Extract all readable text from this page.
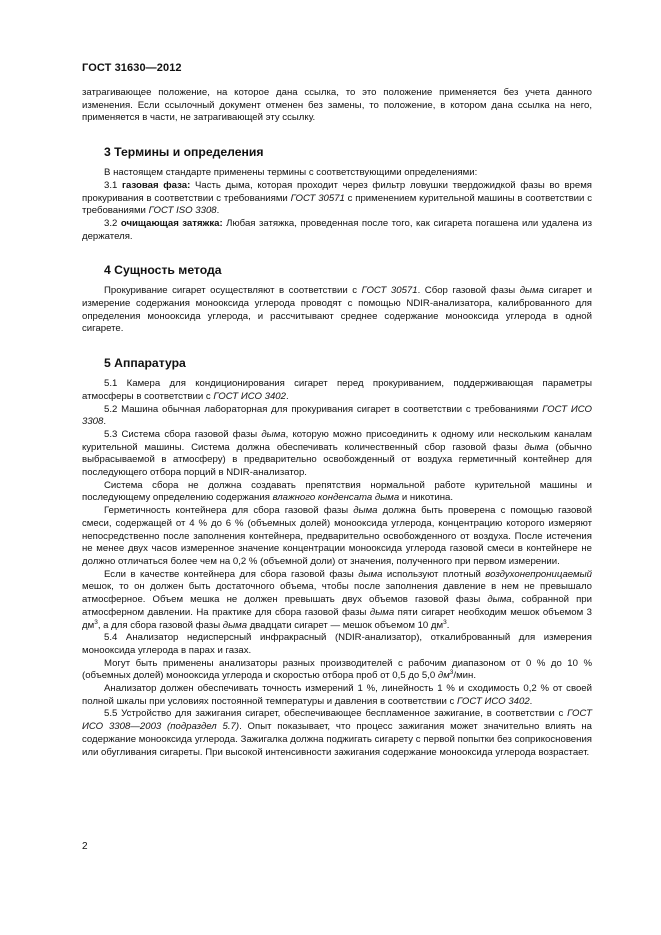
ГОСТ 31630—2012

затрагивающее положение, на которое дана ссылка, то это положение применяется без учета данного изменения. Если ссылочный документ отменен без замены, то положение, в котором дана ссылка на него, применяется в части, не затрагивающей эту ссылку.

3 Термины и определения

В настоящем стандарте применены термины с соответствующими определениями:

3.1 газовая фаза: Часть дыма, которая проходит через фильтр ловушки твердожидкой фазы во время прокуривания в соответствии с требованиями ГОСТ 30571 с применением курительной машины в соответствии с требованиями ГОСТ ISO 3308.

3.2 очищающая затяжка: Любая затяжка, проведенная после того, как сигарета погашена или удалена из держателя.

4 Сущность метода

Прокуривание сигарет осуществляют в соответствии с ГОСТ 30571. Сбор газовой фазы дыма сигарет и измерение содержания монооксида углерода проводят с помощью NDIR-анализатора, калиброванного для определения монооксида углерода, и рассчитывают среднее содержание монооксида углерода в одной сигарете.

5 Аппаратура

5.1 Камера для кондиционирования сигарет перед прокуриванием, поддерживающая параметры атмосферы в соответствии с ГОСТ ИСО 3402.

5.2 Машина обычная лабораторная для прокуривания сигарет в соответствии с требованиями ГОСТ ИСО 3308.

5.3 Система сбора газовой фазы дыма, которую можно присоединить к одному или нескольким каналам курительной машины. Система должна обеспечивать количественный сбор газовой фазы дыма (обычно выбрасываемой в атмосферу) в предварительно освобожденный от воздуха герметичный контейнер для последующего отбора порций в NDIR-анализатор.

Система сбора не должна создавать препятствия нормальной работе курительной машины и последующему определению содержания влажного конденсата дыма и никотина.

Герметичность контейнера для сбора газовой фазы дыма должна быть проверена с помощью газовой смеси, содержащей от 4 % до 6 % (объемных долей) монооксида углерода, концентрацию которого измеряют непосредственно после заполнения контейнера, предварительно освобожденного от воздуха. После истечения не менее двух часов измеренное значение концентрации монооксида углерода газовой смеси в контейнере не должно отличаться более чем на 0,2 % (объемной доли) от значения, полученного при первом измерении.

Если в качестве контейнера для сбора газовой фазы дыма используют плотный воздухонепроницаемый мешок, то он должен быть достаточного объема, чтобы после заполнения давление в нем не превышало атмосферное. Объем мешка не должен превышать двух объемов газовой фазы дыма, собранной при атмосферном давлении. На практике для сбора газовой фазы дыма пяти сигарет необходим мешок объемом 3 $дм^3$, а для сбора газовой фазы дыма двадцати сигарет — мешок объемом 10 $дм^3$.

5.4 Анализатор недисперсный инфракрасный (NDIR-анализатор), откалиброванный для измерения монооксида углерода в парах и газах.

Могут быть применены анализаторы разных производителей с рабочим диапазоном от 0 % до 10 % (объемных долей) монооксида углерода и скоростью отбора проб от 0,5 до 5,0 $дм^3$/мин.

Анализатор должен обеспечивать точность измерений 1 %, линейность 1 % и сходимость 0,2 % от своей полной шкалы при условиях постоянной температуры и давления в соответствии с ГОСТ ИСО 3402.

5.5 Устройство для зажигания сигарет, обеспечивающее беспламенное зажигание, в соответствии с ГОСТ ИСО 3308—2003 (подраздел 5.7). Опыт показывает, что процесс зажигания может значительно влиять на содержание монооксида углерода. Зажигалка должна поджигать сигарету с первой попытки без соприкосновения или обугливания сигареты. При высокой интенсивности зажигания содержание монооксида углерода возрастает.

2
